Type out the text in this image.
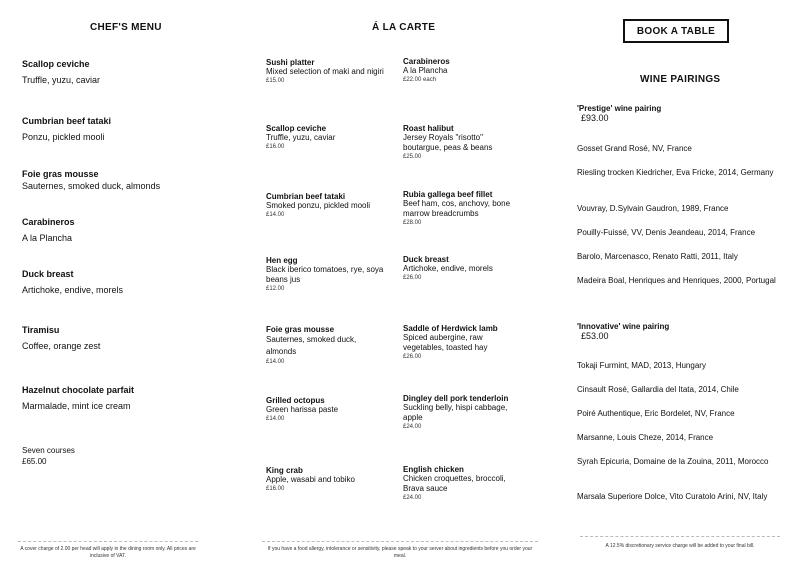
CHEF'S MENU
Scallop ceviche
Truffle, yuzu, caviar
Cumbrian beef tataki
Ponzu, pickled mooli
Foie gras mousse
Sauternes, smoked duck, almonds
Carabineros
A la Plancha
Duck breast
Artichoke, endive, morels
Tiramisu
Coffee, orange zest
Hazelnut chocolate parfait
Marmalade, mint ice cream
Seven courses
£65.00
A cover charge of 2.00 per head will apply in the dining room only. All prices are inclusive of VAT.
Á LA CARTE
Sushi platter
Mixed selection of maki and nigiri
£15.00
Scallop ceviche
Truffle, yuzu, caviar
£16.00
Cumbrian beef tataki
Smoked ponzu, pickled mooli
£14.00
Hen egg
Black iberico tomatoes, rye, soya beans jus
£12.00
Foie gras mousse
Sauternes, smoked duck, almonds
£14.00
Grilled octopus
Green harissa paste
£14.00
King crab
Apple, wasabi and tobiko
£16.00
Carabineros
A la Plancha
£22.00 each
Roast halibut
Jersey Royals "risotto" boutargue, peas & beans
£25.00
Rubia gallega beef fillet
Beef ham, cos, anchovy, bone marrow breadcrumbs
£28.00
Duck breast
Artichoke, endive, morels
£26.00
Saddle of Herdwick lamb
Spiced aubergine, raw vegetables, toasted hay
£26.00
Dingley dell pork tenderloin
Suckling belly, hispi cabbage, apple
£24.00
English chicken
Chicken croquettes, broccoli, Brava sauce
£24.00
If you have a food allergy, intolerance or sensitivity, please speak to your server about ingredients before you order your meal.
BOOK A TABLE
WINE PAIRINGS
'Prestige' wine pairing
£93.00
Gosset Grand Rosé, NV, France
Riesling trocken Kiedricher, Eva Fricke, 2014, Germany
Vouvray, D.Sylvain Gaudron, 1989, France
Pouilly-Fuissé, VV, Denis Jeandeau, 2014, France
Barolo, Marcenasco, Renato Ratti, 2011, Italy
Madeira Boal, Henriques and Henriques, 2000, Portugal
'Innovative' wine pairing
£53.00
Tokaji Furmint, MAD, 2013, Hungary
Cinsault Rosé, Gallardia del Itata, 2014, Chile
Poiré Authentique, Eric Bordelet, NV, France
Marsanne, Louis Cheze, 2014, France
Syrah Epicuria, Domaine de la Zouina, 2011, Morocco
Marsala Superiore Dolce, Vito Curatolo Arini, NV, Italy
A 12.5% discretionary service charge will be added to your final bill.
